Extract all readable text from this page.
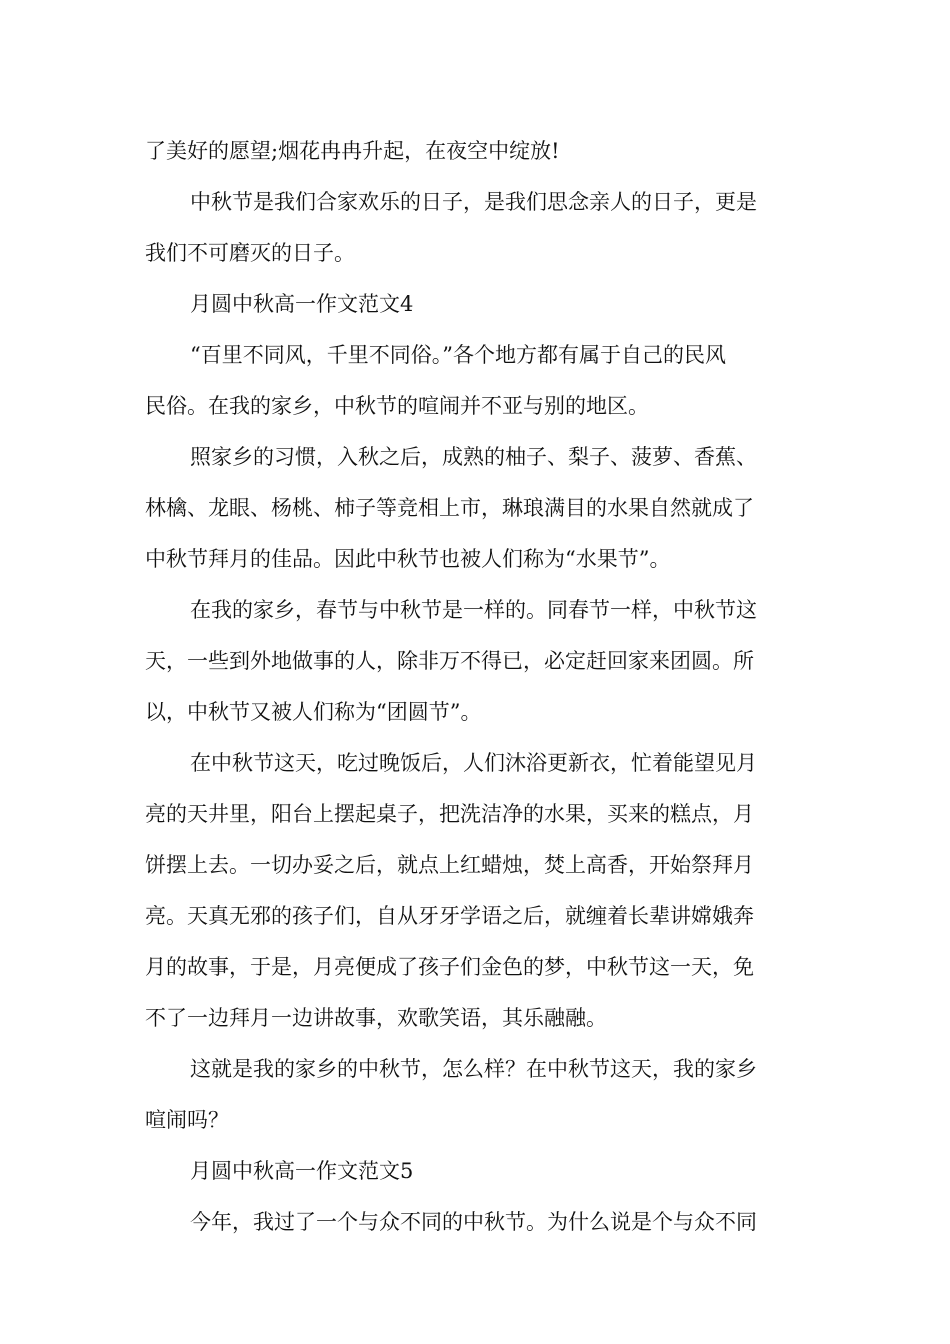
了美好的愿望;烟花冉冉升起，在夜空中绽放!
中秋节是我们合家欢乐的日子，是我们思念亲人的日子，更是
我们不可磨灭的日子。
月圆中秋高一作文范文4
“百里不同风，千里不同俗。”各个地方都有属于自己的民风
民俗。在我的家乡，中秋节的喧闹并不亚与别的地区。
照家乡的习惯，入秋之后，成熟的柚子、梨子、菠萝、香蕉、
林檎、龙眼、杨桃、柿子等竞相上市，琳琅满目的水果自然就成了
中秋节拜月的佳品。因此中秋节也被人们称为“水果节”。
在我的家乡，春节与中秋节是一样的。同春节一样，中秋节这
天，一些到外地做事的人，除非万不得已，必定赶回家来团圆。所
以，中秋节又被人们称为“团圆节”。
在中秋节这天，吃过晚饭后，人们沐浴更新衣，忙着能望见月
亮的天井里，阳台上摆起桌子，把洗洁净的水果，买来的糕点，月
饼摆上去。一切办妥之后，就点上红蜡烛，焚上高香，开始祭拜月
亮。天真无邪的孩子们，自从牙牙学语之后，就缠着长辈讲嫦娥奔
月的故事，于是，月亮便成了孩子们金色的梦，中秋节这一天，免
不了一边拜月一边讲故事，欢歌笑语，其乐融融。
这就是我的家乡的中秋节，怎么样？在中秋节这天，我的家乡
喧闹吗？
月圆中秋高一作文范文5
今年，我过了一个与众不同的中秋节。为什么说是个与众不同
